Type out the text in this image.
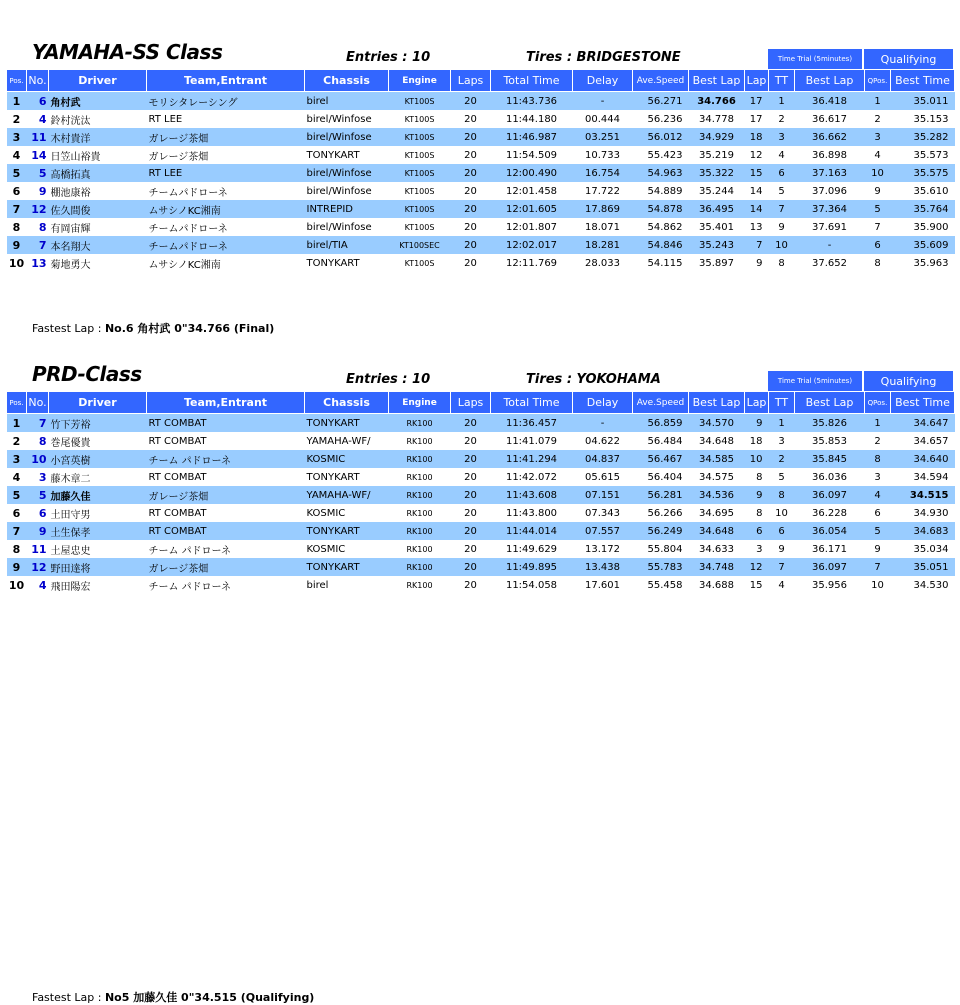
YAMAHA-SS Class	Entries : 10	Tires : BRIDGESTONE	Time Trial (5minutes)	Qualifying
Pos.	No.	Driver	Team,Entrant	Chassis	Engine	Laps	Total Time	Delay	Ave.Speed	Best Lap	Lap	TT	Best Lap	QPos.	Best Time
1	6	角村武	モリシタレーシング	birel	KT100S	20	11:43.736	-	56.271	34.766	17	1	36.418	1	35.011
2	4	鈴村洸汰	RT LEE	birel/Winfose	KT100S	20	11:44.180	00.444	56.236	34.778	17	2	36.617	2	35.153
3	11	木村貴洋	ガレージ茶畑	birel/Winfose	KT100S	20	11:46.987	03.251	56.012	34.929	18	3	36.662	3	35.282
4	14	日笠山裕貴	ガレージ茶畑	TONYKART	KT100S	20	11:54.509	10.733	55.423	35.219	12	4	36.898	4	35.573
5	5	高橋拓真	RT LEE	birel/Winfose	KT100S	20	12:00.490	16.754	54.963	35.322	15	6	37.163	10	35.575
6	9	棚池康裕	チームパドローネ	birel/Winfose	KT100S	20	12:01.458	17.722	54.889	35.244	14	5	37.096	9	35.610
7	12	佐久間俊	ムサシノKC湘南	INTREPID	KT100S	20	12:01.605	17.869	54.878	36.495	14	7	37.364	5	35.764
8	8	有岡宙輝	チームパドローネ	birel/Winfose	KT100S	20	12:01.807	18.071	54.862	35.401	13	9	37.691	7	35.900
9	7	本名翔大	チームパドローネ	birel/TIA	KT100SEC	20	12:02.017	18.281	54.846	35.243	7	10	-	6	35.609
10	13	菊地勇大	ムサシノKC湘南	TONYKART	KT100S	20	12:11.769	28.033	54.115	35.897	9	8	37.652	8	35.963
Fastest Lap : No.6 角村武 0"34.766 (Final)
PRD-Class	Entries : 10	Tires : YOKOHAMA	Time Trial (5minutes)	Qualifying
Pos.	No.	Driver	Team,Entrant	Chassis	Engine	Laps	Total Time	Delay	Ave.Speed	Best Lap	Lap	TT	Best Lap	QPos.	Best Time
1	7	竹下芳裕	RT COMBAT	TONYKART	RK100	20	11:36.457	-	56.859	34.570	9	1	35.826	1	34.647
2	8	巻尾優貴	RT COMBAT	YAMAHA-WF/	RK100	20	11:41.079	04.622	56.484	34.648	18	3	35.853	2	34.657
3	10	小宮英樹	チーム パドローネ	KOSMIC	RK100	20	11:41.294	04.837	56.467	34.585	10	2	35.845	8	34.640
4	3	藤木章二	RT COMBAT	TONYKART	RK100	20	11:42.072	05.615	56.404	34.575	8	5	36.036	3	34.594
5	5	加藤久佳	ガレージ茶畑	YAMAHA-WF/	RK100	20	11:43.608	07.151	56.281	34.536	9	8	36.097	4	34.515
6	6	土田守男	RT COMBAT	KOSMIC	RK100	20	11:43.800	07.343	56.266	34.695	8	10	36.228	6	34.930
7	9	土生保孝	RT COMBAT	TONYKART	RK100	20	11:44.014	07.557	56.249	34.648	6	6	36.054	5	34.683
8	11	土屋忠史	チーム パドローネ	KOSMIC	RK100	20	11:49.629	13.172	55.804	34.633	3	9	36.171	9	35.034
9	12	野田達将	ガレージ茶畑	TONYKART	RK100	20	11:49.895	13.438	55.783	34.748	12	7	36.097	7	35.051
10	4	飛田陽宏	チーム パドローネ	birel	RK100	20	11:54.058	17.601	55.458	34.688	15	4	35.956	10	34.530
Fastest Lap : No5 加藤久佳 0"34.515 (Qualifying)
